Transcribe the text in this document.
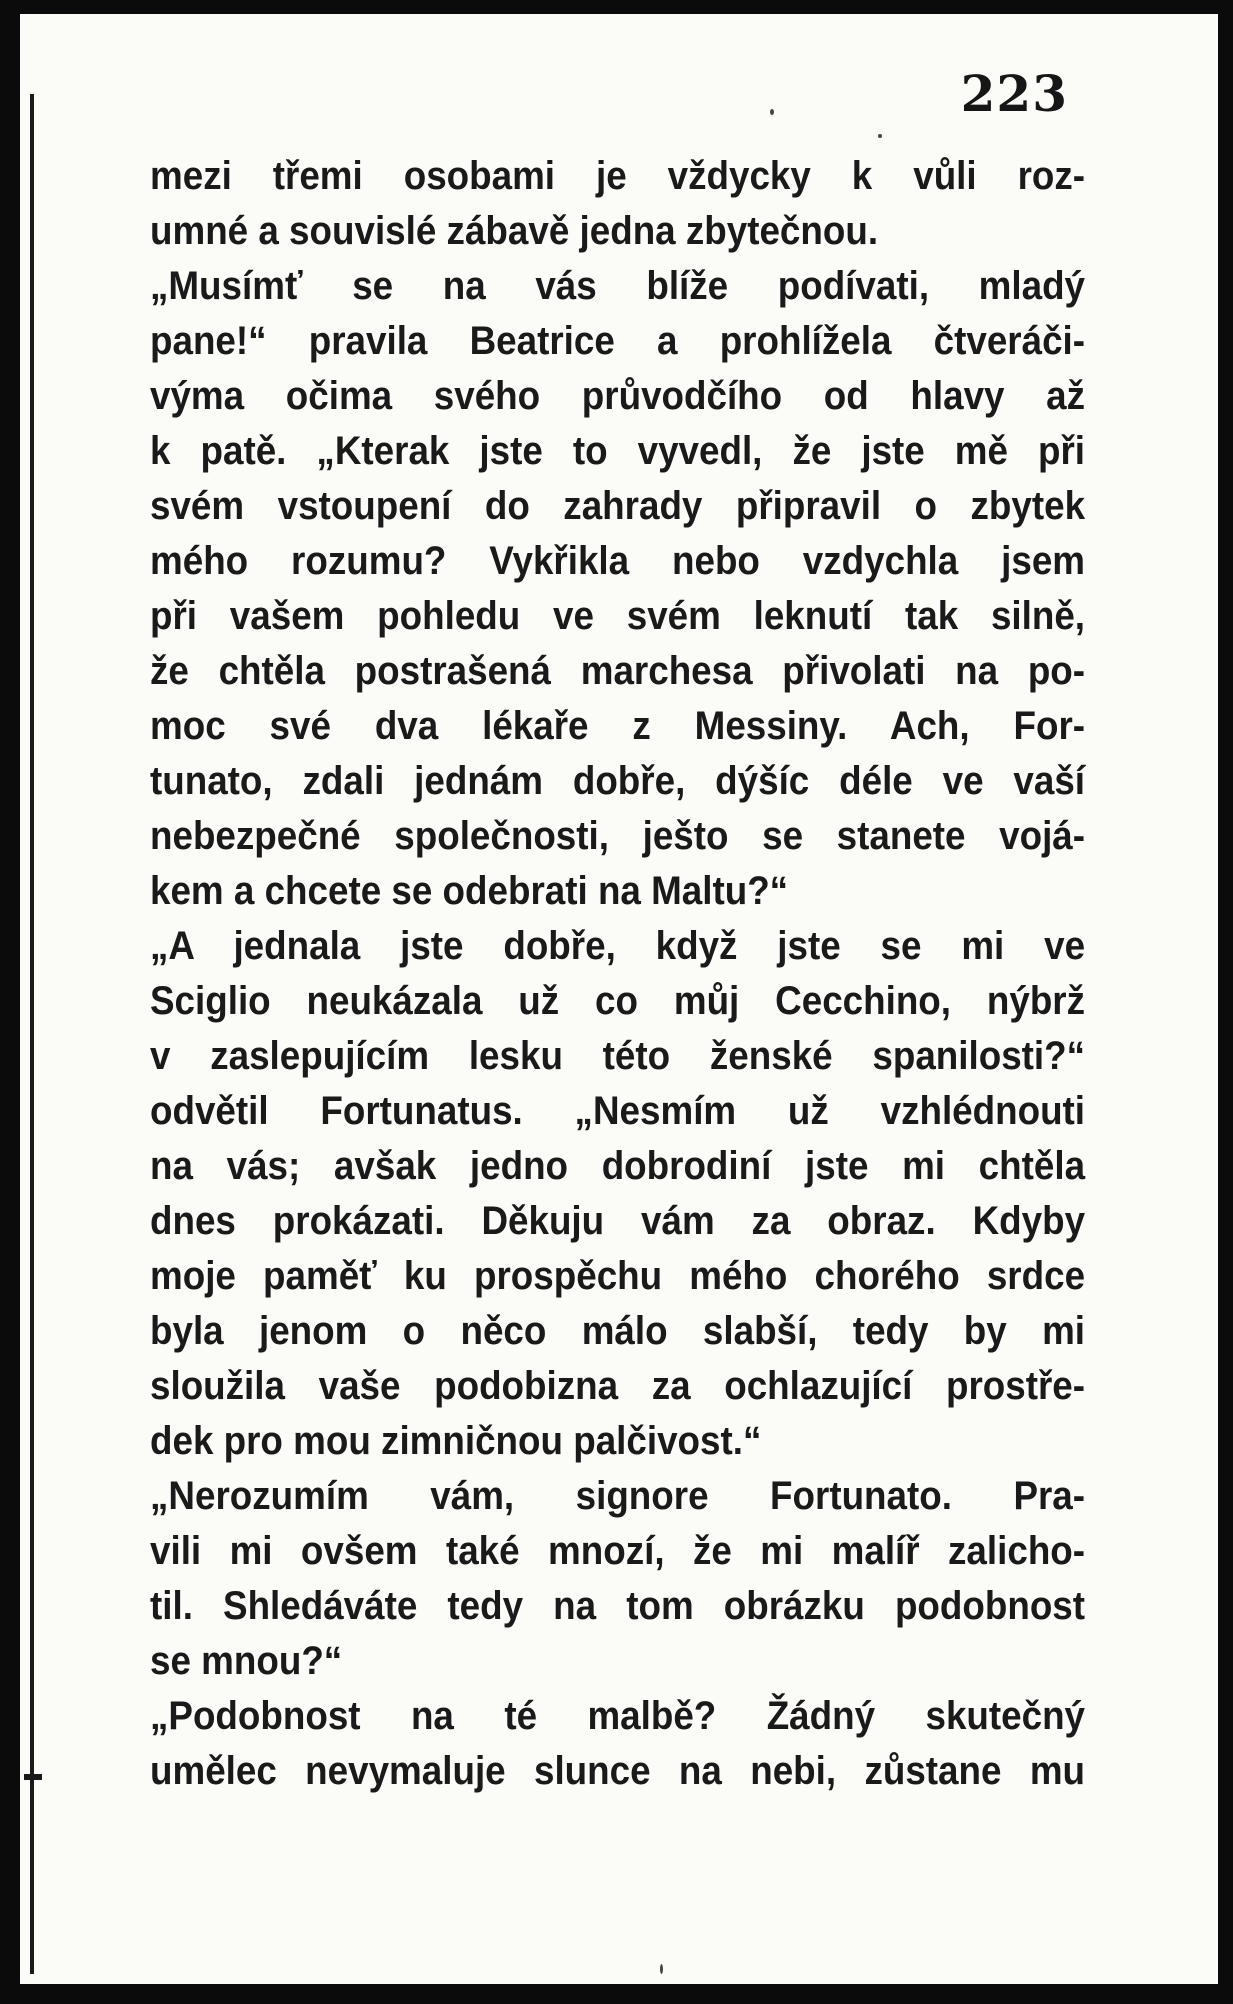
223
mezi třemi osobami je vždycky k vůli roz-
umné a souvislé zábavě jedna zbytečnou.
„Musímť se na vás blíže podívati, mladý
pane!“ pravila Beatrice a prohlížela čtveráči-
výma očima svého průvodčího od hlavy až
k patě. „Kterak jste to vyvedl, že jste mě při
svém vstoupení do zahrady připravil o zbytek
mého rozumu? Vykřikla nebo vzdychla jsem
při vašem pohledu ve svém leknutí tak silně,
že chtěla postrašená marchesa přivolati na po-
moc své dva lékaře z Messiny. Ach, For-
tunato, zdali jednám dobře, dýšíc déle ve vaší
nebezpečné společnosti, ješto se stanete vojá-
kem a chcete se odebrati na Maltu?“
„A jednala jste dobře, když jste se mi ve
Sciglio neukázala už co můj Cecchino, nýbrž
v zaslepujícím lesku této ženské spanilosti?“
odvětil Fortunatus. „Nesmím už vzhlédnouti
na vás; avšak jedno dobrodiní jste mi chtěla
dnes prokázati. Děkuju vám za obraz. Kdyby
moje paměť ku prospěchu mého chorého srdce
byla jenom o něco málo slabší, tedy by mi
sloužila vaše podobizna za ochlazující prostře-
dek pro mou zimničnou palčivost.“
„Nerozumím vám, signore Fortunato. Pra-
vili mi ovšem také mnozí, že mi malíř zalicho-
til. Shledáváte tedy na tom obrázku podobnost
se mnou?“
„Podobnost na té malbě? Žádný skutečný
umělec nevymaluje slunce na nebi, zůstane mu
